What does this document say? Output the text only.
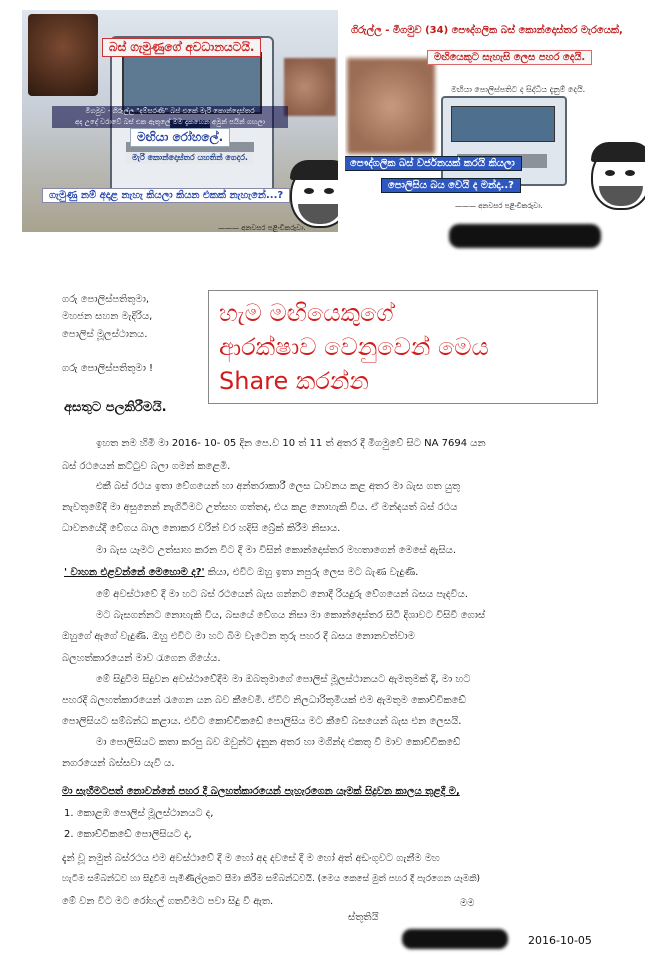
බස් ගැමුණුගේ අවධානයටයි.
මීගමුව - ගිරුල්ල "දම්සරණි" බස් එකේ මැරි කොන්දොස්තර
අද උදේ වරාවේ බස් එක ඇතුලේ මම දැකහෙන අමුන් පයින් ගහලා
මඟියා රෝහලේ.
මැරි කොන්දොස්තර යහතින් ගෙදර.
ගැමුණු නම් අදාළ නැහැ කියලා කියන එකක් නැහැනේ...?
——— අනවසර පළිංචිකරුවා.
ගිරුල්ල - මීගමුව (34) පෞද්ගලික බස් කොන්දොස්තර මැරයෙක්,
මඟියෙකුට සැහැසි ලෙස පහර දෙයි.
මඟියා පොලිස්පතිට ද සිද්ධිය දැනුම් දෙයි.
පෞද්ගලික බස් වර්ජනයක් කරයි කියලා
පොලිසිය බය වෙයි ද මන්දා..?
——— අනවසර පළිංචිකරුවා.
ගරු පොලිස්පතිතුමා,
මහජන සහන මැදිරිය,
පොලිස් මූලස්ථානය.
ගරු පොලිස්පතිතුමා !
හැම මඟියෙකුගේ
ආරක්ෂාව වෙනුවෙන් මෙය
Share කරන්න
අසතුට පලකිරීමයි.
ඉහත නම හිමි මා 2016- 10- 05 දින පෙ.ව 10 ත් 11 ත් අතර දී මීගමුවේ සිට NA 7694 යන
බස් රථයෙන් කට්ටුව බලා ගමන් කළෙමි.
එකී බස් රථය ඉතා වේගයෙන් හා අන්තරාකාරී ලෙස ධාවනය කළ අතර මා බැස ගත යුතු
නැවතුමේදී මා අසුනෙන් නැගිටීමට උත්සහ ගත්තද, එය කළ නොහැකි විය. ඒ මන්දයත් බස් රථය
ධාවනයේදී වේගය බාල නොකර වරින් වර හදිසි බ්‍රේක් කිරීම නිසාය.
මා බැස යෑමට උත්සාහ කරන විට දී මා විසින් කොන්දොස්තර මහතාගෙන් මෙසේ ඇසිය.
' වාහන එළවන්නේ මෙහොම ද?' කියා, එවිට ඔහු ඉතා නපුරු ලෙස මට බැණ වැදුණි.
මේ අවස්ථාවේ දී මා හට බස් රථයෙන් බැස ගන්නට නොදී රියදුරු වේගයෙන් බසය පැදවිය.
මට බැසගන්නට නොහැකි විය, බසයේ වේගය නිසා මා කොන්දොස්තර සිටි දිශාවට විසිවී ගොස්
ඔහුගේ ඇගේ වැදුණි. ඔහු එවිට මා හට බිම වැටෙන තුරු පහර දී බසය නොනවත්වාම
බලහත්කාරයෙන් මාව රැගෙන ගියේය.
මේ සිදුවීම සිදුවන අවස්ථාවේදීම මා ඔබතුමාගේ පොලිස් මූලස්ථානයට ඇමතුමක් දී, මා හට
පහරදී බලහත්කාරයෙන් රැගෙන යන බව කීවෙමි. ඒවිට නිලධාරිතුමියක් එම ඇමතුම කොච්චිකඩේ
පොලිසියට සම්බන්ධ කළාය. එවිට කොච්චිකඩේ පොලිසිය මට කීවේ බසයෙන් බැස එන ලෙසයි.
මා පොලිසියට කතා කරපු බව ඔවුන්ට දැනුන අතර හා මගින්ද එකතු වී මාව කොච්චිකඩේ
නගරයෙන් බස්සවා යැවී ය.
මා සැහීමටපත් නොවන්නේ පහර දී බලහත්කාරයෙන් පැහැරගෙන යෑමක් සිදුවන කාලය තුළදී ම,
1. කොළඹ පොලිස් මූලස්ථානයට ද,
2. කොච්චිකඩේ පොලිසියට ද,
දැන් වූ නමුත් බස්රථය එම අවස්ථාවේ දී ම හෝ අද දවසේ දී ම හෝ අත් අඩංගුවට ගැනීම මහ
හැටීම සම්බන්ධව හා සිදුවීම පැමිණිල්ලකට සීමා කිරීම සම්බන්ධවයි. (මෙය කෙසේ මුත් පහර දී පැරගෙන යෑමකි)
මේ වන විට මට රෝහල් ගතවීමට පවා සිදු වී ඇත.	මම
ස්තුතියි
2016-10-05
